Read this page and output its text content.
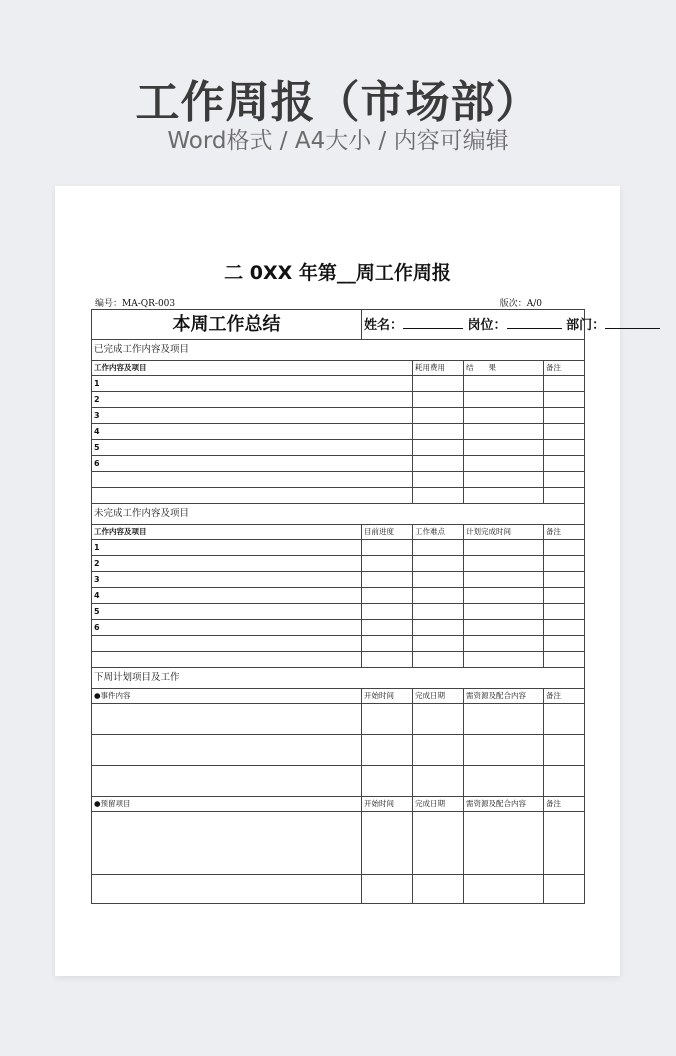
工作周报（市场部）
Word格式 / A4大小 / 内容可编辑
二 0XX 年第__周工作周报
编号：MA-QR-003	版次：A/0
本周工作总结	姓名： 岗位： 部门：			
已完成工作内容及项目				
工作内容及项目		耗用费用	结　　果	备注
1				
2				
3				
4				
5				
6				

未完成工作内容及项目				
工作内容及项目	目前进度	工作难点	计划完成时间	备注
1				
2				
3				
4				
5				
6				

下周计划项目及工作				
●事件内容	开始时间	完成日期	需资源及配合内容	备注

●预留项目	开始时间	完成日期	需资源及配合内容	备注
